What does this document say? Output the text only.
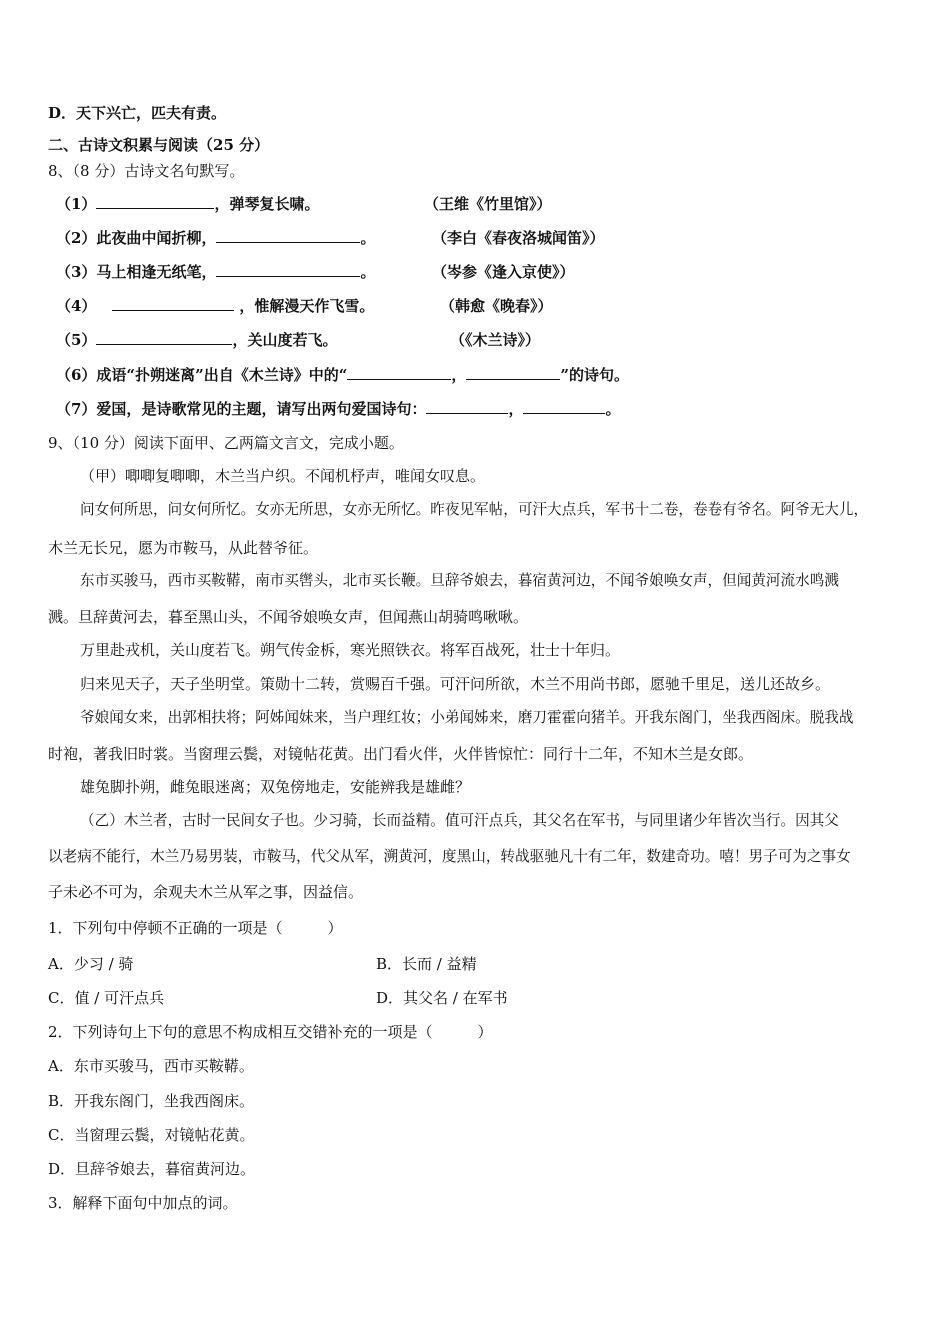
D．天下兴亡，匹夫有责。
二、古诗文积累与阅读（25 分）
8、（8 分）古诗文名句默写。
（1）	，弹琴复长啸。	（王维《竹里馆》）
（2）此夜曲中闻折柳，	。	（李白《春夜洛城闻笛》）
（3）马上相逢无纸笔，	。	（岑参《逢入京使》）
（4）	，惟解漫天作飞雪。	（韩愈《晚春》）
（5）	，关山度若飞。	（《木兰诗》）
（6）成语“扑朔迷离”出自《木兰诗》中的“	，	”的诗句。
（7）爱国，是诗歌常见的主题，请写出两句爱国诗句：	，	。
9、（10 分）阅读下面甲、乙两篇文言文，完成小题。
（甲）唧唧复唧唧，木兰当户织。不闻机杼声，唯闻女叹息。
问女何所思，问女何所忆。女亦无所思，女亦无所忆。昨夜见军帖，可汗大点兵，军书十二卷，卷卷有爷名。阿爷无大儿，
木兰无长兄，愿为市鞍马，从此替爷征。
东市买骏马，西市买鞍鞯，南市买辔头，北市买长鞭。旦辞爷娘去，暮宿黄河边，不闻爷娘唤女声，但闻黄河流水鸣溅
溅。旦辞黄河去，暮至黑山头，不闻爷娘唤女声，但闻燕山胡骑鸣啾啾。
万里赴戎机，关山度若飞。朔气传金柝，寒光照铁衣。将军百战死，壮士十年归。
归来见天子，天子坐明堂。策勋十二转，赏赐百千强。可汗问所欲，木兰不用尚书郎，愿驰千里足，送儿还故乡。
爷娘闻女来，出郭相扶将；阿姊闻妹来，当户理红妆；小弟闻姊来，磨刀霍霍向猪羊。开我东阁门，坐我西阁床。脱我战
时袍，著我旧时裳。当窗理云鬓，对镜帖花黄。出门看火伴，火伴皆惊忙：同行十二年，不知木兰是女郎。
雄兔脚扑朔，雌兔眼迷离；双兔傍地走，安能辨我是雄雌？
（乙）木兰者，古时一民间女子也。少习骑，长而益精。值可汗点兵，其父名在军书，与同里诸少年皆次当行。因其父
以老病不能行，木兰乃易男装，市鞍马，代父从军，溯黄河，度黑山，转战驱驰凡十有二年，数建奇功。嘻！男子可为之事女
子未必不可为，余观夫木兰从军之事，因益信。
1．下列句中停顿不正确的一项是（　　　）
A．少习 / 骑	B．长而 / 益精
C．值 / 可汗点兵	D．其父名 / 在军书
2．下列诗句上下句的意思不构成相互交错补充的一项是（　　　）
A．东市买骏马，西市买鞍鞯。
B．开我东阁门，坐我西阁床。
C．当窗理云鬓，对镜帖花黄。
D．旦辞爷娘去，暮宿黄河边。
3．解释下面句中加点的词。
